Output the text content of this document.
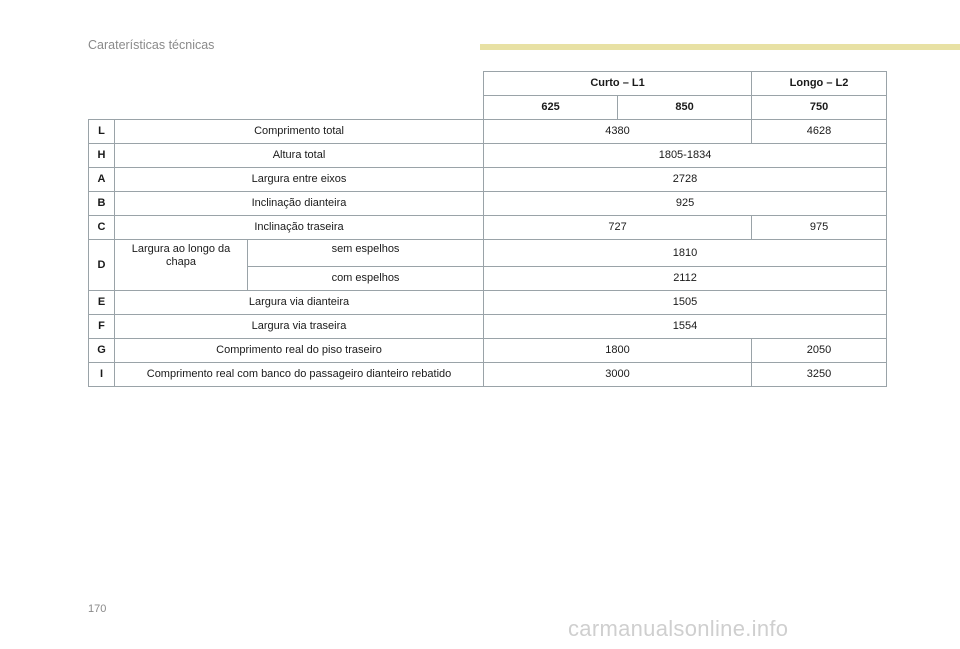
Caraterísticas técnicas
			Curto – L1		Longo – L2
			625	850	750
L	Comprimento total		4380		4628
H	Altura total		1805-1834		
A	Largura entre eixos		2728		
B	Inclinação dianteira		925		
C	Inclinação traseira		727		975
D	Largura ao longo da chapa	sem espelhos	1810		
		com espelhos	2112		
E	Largura via dianteira		1505		
F	Largura via traseira		1554		
G	Comprimento real do piso traseiro		1800		2050
I	Comprimento real com banco do passageiro dianteiro rebatido		3000		3250
170
carmanualsonline.info
